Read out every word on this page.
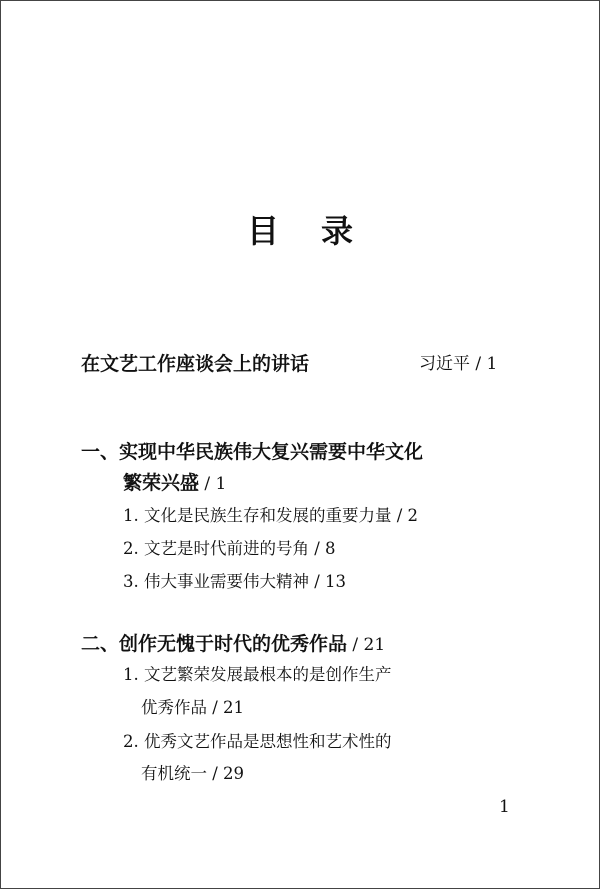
目 录
在文艺工作座谈会上的讲话	习近平 / 1
一、实现中华民族伟大复兴需要中华文化
繁荣兴盛 / 1
1. 文化是民族生存和发展的重要力量 / 2
2. 文艺是时代前进的号角 / 8
3. 伟大事业需要伟大精神 / 13
二、创作无愧于时代的优秀作品 / 21
1. 文艺繁荣发展最根本的是创作生产
优秀作品 / 21
2. 优秀文艺作品是思想性和艺术性的
有机统一 / 29
1
